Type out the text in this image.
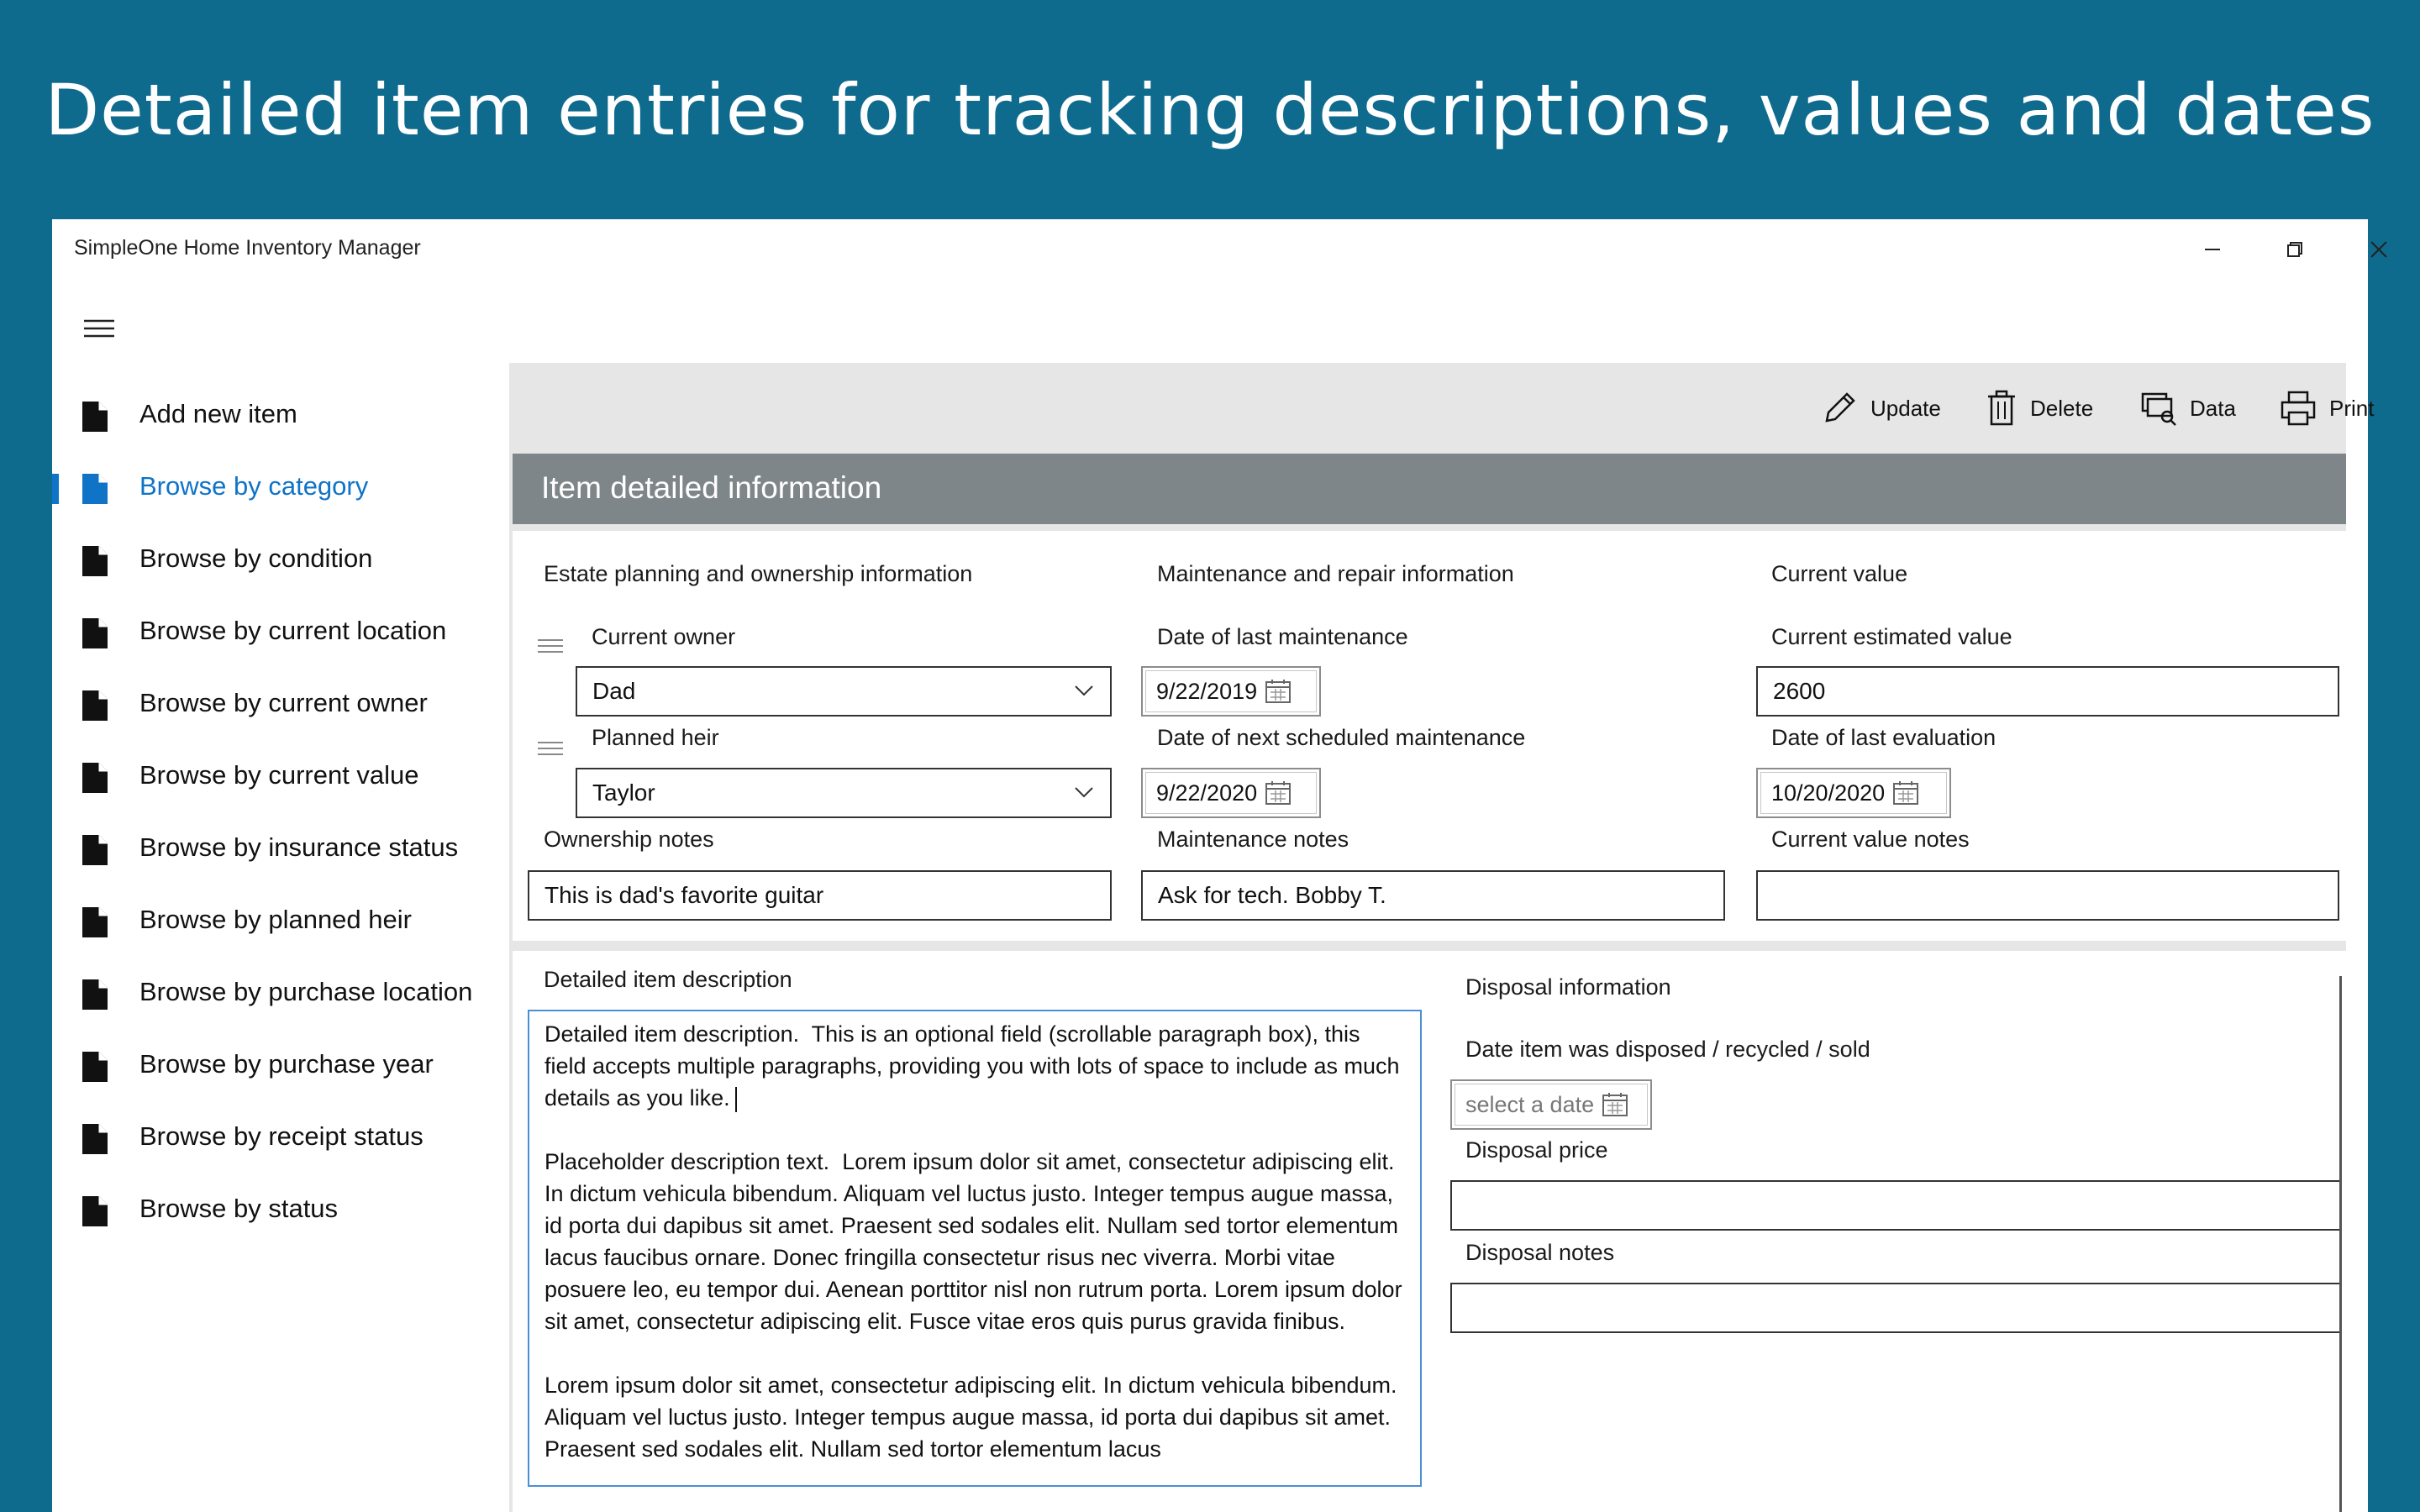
Detailed item entries for tracking descriptions, values and dates
SimpleOne Home Inventory Manager
Add new item
Browse by category
Browse by condition
Browse by current location
Browse by current owner
Browse by current value
Browse by insurance status
Browse by planned heir
Browse by purchase location
Browse by purchase year
Browse by receipt status
Browse by status
Update	Delete	Data	Print
Item detailed information
Estate planning and ownership information
Current owner
Dad
Planned heir
Taylor
Ownership notes
This is dad's favorite guitar
Maintenance and repair information
Date of last maintenance
9/22/2019
Date of next scheduled maintenance
9/22/2020
Maintenance notes
Ask for tech. Bobby T.
Current value
Current estimated value
2600
Date of last evaluation
10/20/2020
Current value notes
Detailed item description

Detailed item description.  This is an optional field (scrollable paragraph box), this field accepts multiple paragraphs, providing you with lots of space to include as much details as you like.

Placeholder description text.  Lorem ipsum dolor sit amet, consectetur adipiscing elit. In dictum vehicula bibendum. Aliquam vel luctus justo. Integer tempus augue massa, id porta dui dapibus sit amet. Praesent sed sodales elit. Nullam sed tortor elementum lacus faucibus ornare. Donec fringilla consectetur risus nec viverra. Morbi vitae posuere leo, eu tempor dui. Aenean porttitor nisl non rutrum porta. Lorem ipsum dolor sit amet, consectetur adipiscing elit. Fusce vitae eros quis purus gravida finibus.

Lorem ipsum dolor sit amet, consectetur adipiscing elit. In dictum vehicula bibendum. Aliquam vel luctus justo. Integer tempus augue massa, id porta dui dapibus sit amet. Praesent sed sodales elit. Nullam sed tortor elementum lacus

Disposal information
Date item was disposed / recycled / sold
select a date
Disposal price
Disposal notes
